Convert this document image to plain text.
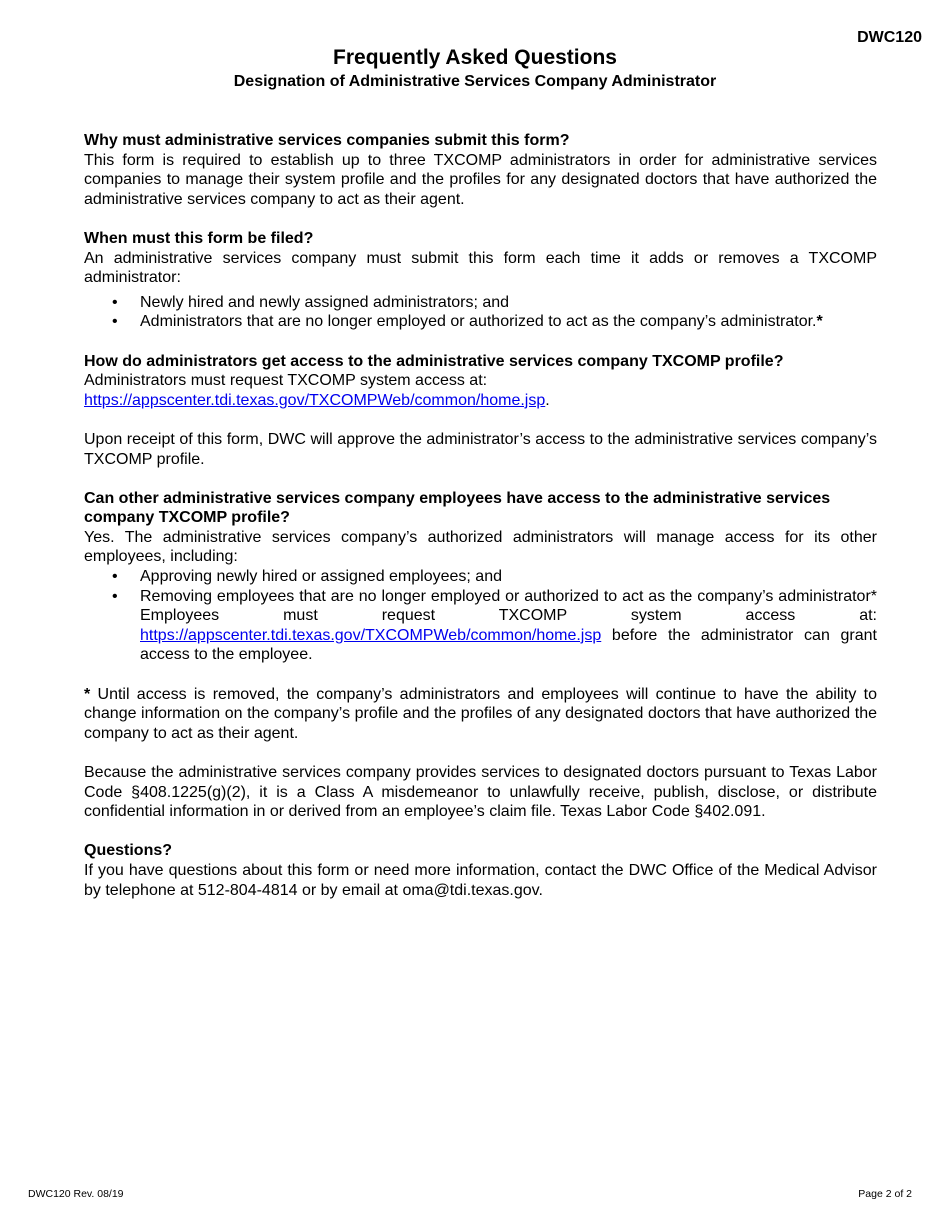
DWC120
Frequently Asked Questions
Designation of Administrative Services Company Administrator
Why must administrative services companies submit this form?
This form is required to establish up to three TXCOMP administrators in order for administrative services companies to manage their system profile and the profiles for any designated doctors that have authorized the administrative services company to act as their agent.
When must this form be filed?
An administrative services company must submit this form each time it adds or removes a TXCOMP administrator:
• Newly hired and newly assigned administrators; and
• Administrators that are no longer employed or authorized to act as the company’s administrator.*
How do administrators get access to the administrative services company TXCOMP profile?
Administrators must request TXCOMP system access at:
https://appscenter.tdi.texas.gov/TXCOMPWeb/common/home.jsp.
Upon receipt of this form, DWC will approve the administrator’s access to the administrative services company’s TXCOMP profile.
Can other administrative services company employees have access to the administrative services company TXCOMP profile?
Yes. The administrative services company’s authorized administrators will manage access for its other employees, including:
• Approving newly hired or assigned employees; and
• Removing employees that are no longer employed or authorized to act as the company’s administrator* Employees must request TXCOMP system access at: https://appscenter.tdi.texas.gov/TXCOMPWeb/common/home.jsp before the administrator can grant access to the employee.
* Until access is removed, the company’s administrators and employees will continue to have the ability to change information on the company’s profile and the profiles of any designated doctors that have authorized the company to act as their agent.
Because the administrative services company provides services to designated doctors pursuant to Texas Labor Code §408.1225(g)(2), it is a Class A misdemeanor to unlawfully receive, publish, disclose, or distribute confidential information in or derived from an employee’s claim file. Texas Labor Code §402.091.
Questions?
If you have questions about this form or need more information, contact the DWC Office of the Medical Advisor by telephone at 512-804-4814 or by email at oma@tdi.texas.gov.
DWC120 Rev. 08/19	Page 2 of 2
